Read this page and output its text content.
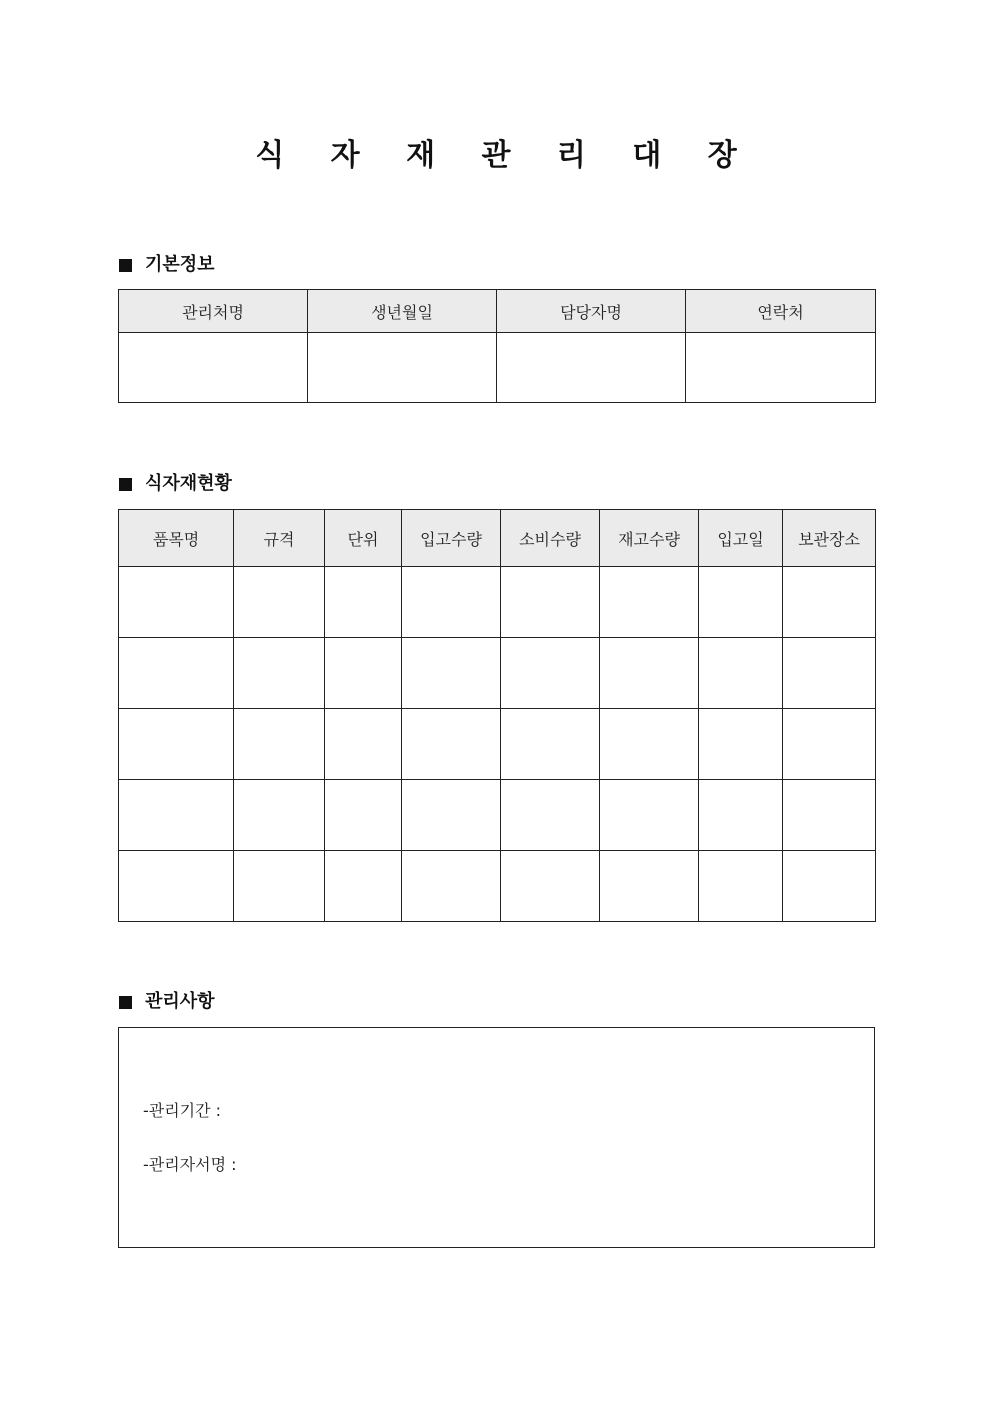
식 자 재 관 리 대 장
기본정보
관리처명	생년월일	담당자명	연락처

식자재현황
품목명	규격	단위	입고수량	소비수량	재고수량	입고일	보관장소

관리사항
-관리기간 :
-관리자서명 :
